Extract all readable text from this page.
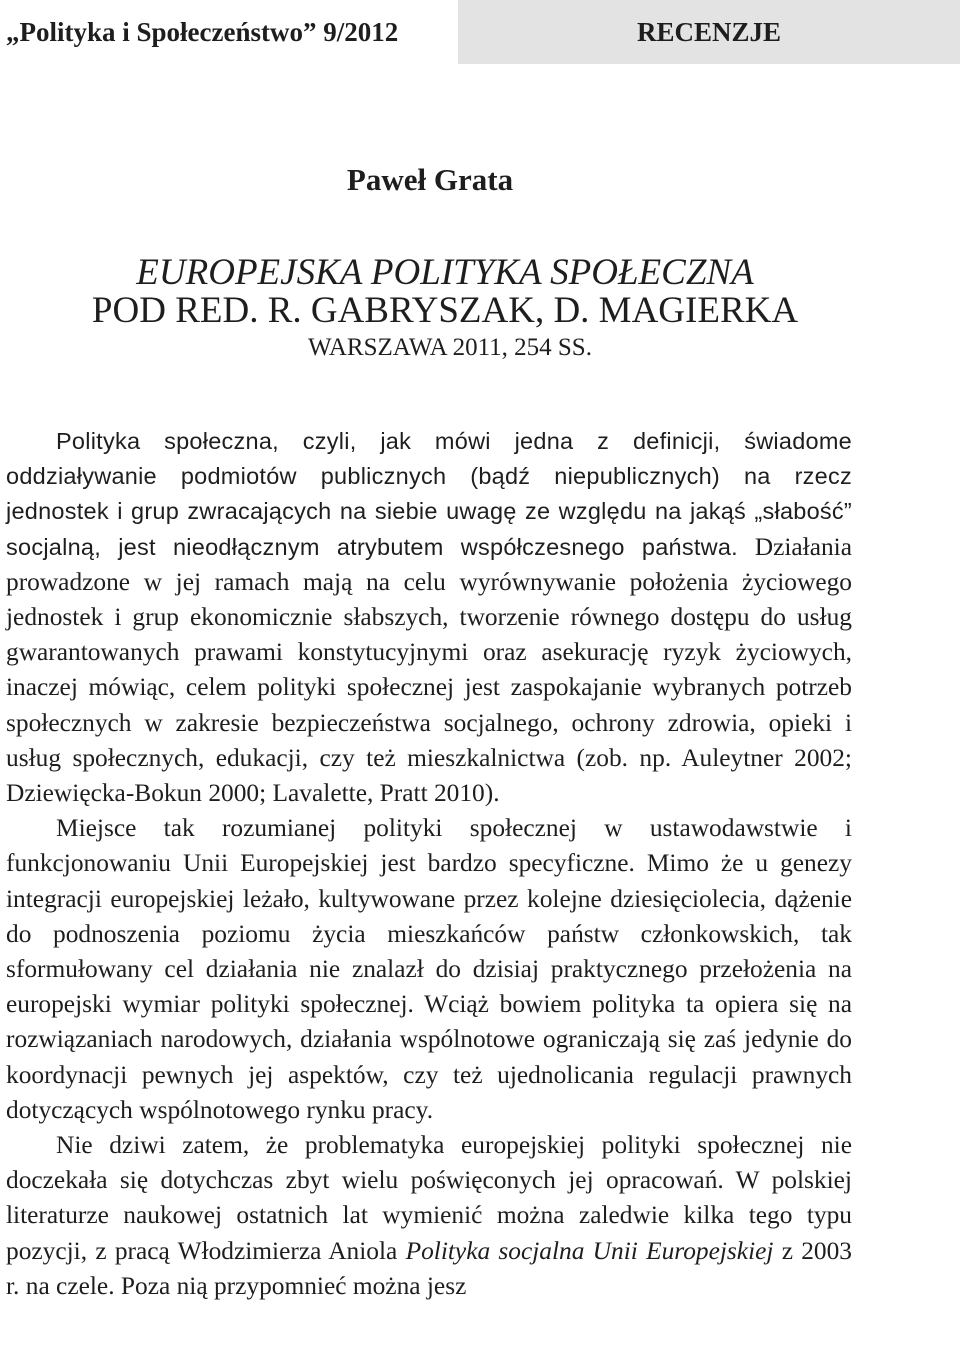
„Polityka i Społeczeństwo” 9/2012	RECENZJE
Paweł Grata
EUROPEJSKA POLITYKA SPOŁECZNA
POD RED. R. GABRYSZAK, D. MAGIERKA
WARSZAWA 2011, 254 SS.

Polityka społeczna, czyli, jak mówi jedna z definicji, świadome oddziaływanie podmiotów publicznych (bądź niepublicznych) na rzecz jednostek i grup zwracających na siebie uwagę ze względu na jakąś „słabość” socjalną, jest nieodłącznym atrybutem współczesnego państwa. Działania prowadzone w jej ramach mają na celu wyrównywanie położenia życiowego jednostek i grup ekonomicznie słabszych, tworzenie równego dostępu do usług gwarantowanych prawami konstytucyjnymi oraz asekurację ryzyk życiowych, inaczej mówiąc, celem polityki społecznej jest zaspokajanie wybranych potrzeb społecznych w zakresie bezpieczeństwa socjalnego, ochrony zdrowia, opieki i usług społecznych, edukacji, czy też mieszkalnictwa (zob. np. Auleytner 2002; Dziewięcka-Bokun 2000; Lavalette, Pratt 2010).

Miejsce tak rozumianej polityki społecznej w ustawodawstwie i funkcjonowaniu Unii Europejskiej jest bardzo specyficzne. Mimo że u genezy integracji europejskiej leżało, kultywowane przez kolejne dziesięciolecia, dążenie do podnoszenia poziomu życia mieszkańców państw członkowskich, tak sformułowany cel działania nie znalazł do dzisiaj praktycznego przełożenia na europejski wymiar polityki społecznej. Wciąż bowiem polityka ta opiera się na rozwiązaniach narodowych, działania wspólnotowe ograniczają się zaś jedynie do koordynacji pewnych jej aspektów, czy też ujednolicania regulacji prawnych dotyczących wspólnotowego rynku pracy.

Nie dziwi zatem, że problematyka europejskiej polityki społecznej nie doczekała się dotychczas zbyt wielu poświęconych jej opracowań. W polskiej literaturze naukowej ostatnich lat wymienić można zaledwie kilka tego typu pozycji, z pracą Włodzimierza Aniola Polityka socjalna Unii Europejskiej z 2003 r. na czele. Poza nią przypomnieć można jesz
